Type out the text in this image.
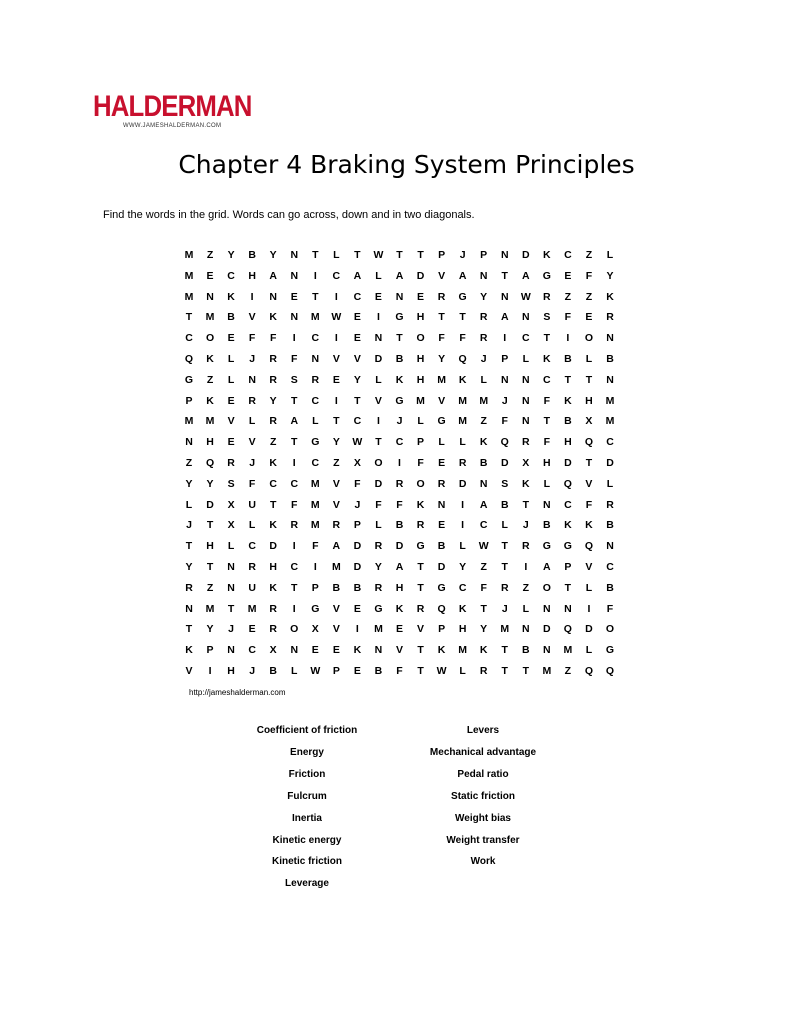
HALDERMAN
WWW.JAMESHALDERMAN.COM
Chapter 4 Braking System Principles
Find the words in the grid. Words can go across, down and in two diagonals.
M	Z	Y	B	Y	N	T	L	T	W	T	T	P	J	P	N	D	K	C	Z	L
M	E	C	H	A	N	I	C	A	L	A	D	V	A	N	T	A	G	E	F	Y
M	N	K	I	N	E	T	I	C	E	N	E	R	G	Y	N	W	R	Z	Z	K
T	M	B	V	K	N	M	W	E	I	G	H	T	T	R	A	N	S	F	E	R
C	O	E	F	F	I	C	I	E	N	T	O	F	F	R	I	C	T	I	O	N
Q	K	L	J	R	F	N	V	V	D	B	H	Y	Q	J	P	L	K	B	L	B
G	Z	L	N	R	S	R	E	Y	L	K	H	M	K	L	N	N	C	T	T	N
P	K	E	R	Y	T	C	I	T	V	G	M	V	M	M	J	N	F	K	H	M
M	M	V	L	R	A	L	T	C	I	J	L	G	M	Z	F	N	T	B	X	M
N	H	E	V	Z	T	G	Y	W	T	C	P	L	L	K	Q	R	F	H	Q	C
Z	Q	R	J	K	I	C	Z	X	O	I	F	E	R	B	D	X	H	D	T	D
Y	Y	S	F	C	C	M	V	F	D	R	O	R	D	N	S	K	L	Q	V	L
L	D	X	U	T	F	M	V	J	F	F	K	N	I	A	B	T	N	C	F	R
J	T	X	L	K	R	M	R	P	L	B	R	E	I	C	L	J	B	K	K	B
T	H	L	C	D	I	F	A	D	R	D	G	B	L	W	T	R	G	G	Q	N
Y	T	N	R	H	C	I	M	D	Y	A	T	D	Y	Z	T	I	A	P	V	C
R	Z	N	U	K	T	P	B	B	R	H	T	G	C	F	R	Z	O	T	L	B
N	M	T	M	R	I	G	V	E	G	K	R	Q	K	T	J	L	N	N	I	F
T	Y	J	E	R	O	X	V	I	M	E	V	P	H	Y	M	N	D	Q	D	O
K	P	N	C	X	N	E	E	K	N	V	T	K	M	K	T	B	N	M	L	G
V	I	H	J	B	L	W	P	E	B	F	T	W	L	R	T	T	M	Z	Q	Q
http://jameshalderman.com
Coefficient of friction
Energy
Friction
Fulcrum
Inertia
Kinetic energy
Kinetic friction
Leverage
Levers
Mechanical advantage
Pedal ratio
Static friction
Weight bias
Weight transfer
Work
